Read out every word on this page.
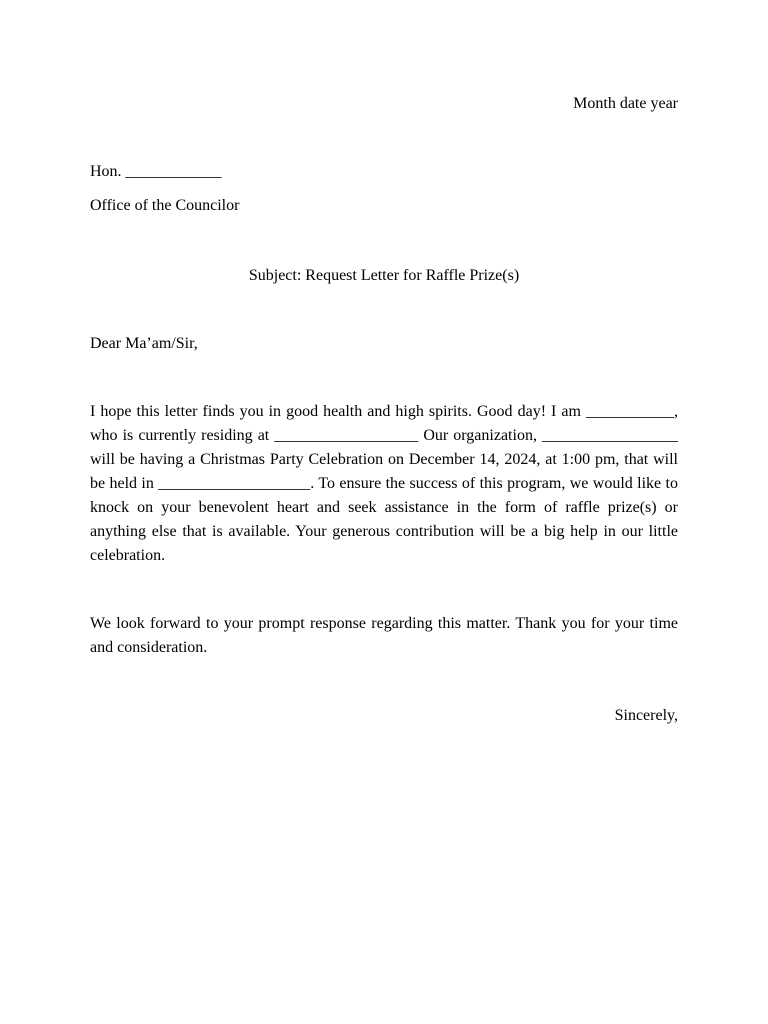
Month date year
Hon. ____________
Office of the Councilor
Subject: Request Letter for Raffle Prize(s)
Dear Ma’am/Sir,

I hope this letter finds you in good health and high spirits. Good day! I am ___________, who is currently residing at __________________ Our organization, _________________ will be having a Christmas Party Celebration on December 14, 2024, at 1:00 pm, that will be held in ___________________. To ensure the success of this program, we would like to knock on your benevolent heart and seek assistance in the form of raffle prize(s) or anything else that is available. Your generous contribution will be a big help in our little celebration.

We look forward to your prompt response regarding this matter. Thank you for your time and consideration.

Sincerely,
